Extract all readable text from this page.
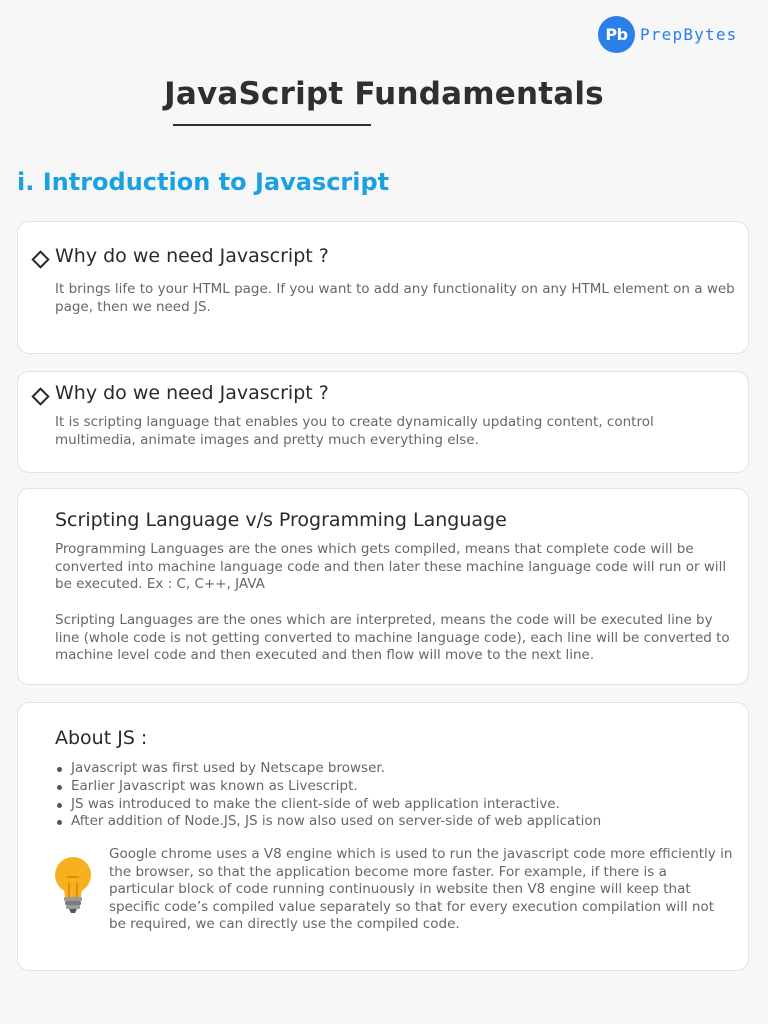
Pb PrepBytes
JavaScript Fundamentals
i. Introduction to Javascript
Why do we need Javascript ?

It brings life to your HTML page. If you want to add any functionality on any HTML element on a web page, then we need JS.

Why do we need Javascript ?

It is scripting language that enables you to create dynamically updating content, control multimedia, animate images and pretty much everything else.

Scripting Language v/s Programming Language

Programming Languages are the ones which gets compiled, means that complete code will be converted into machine language code and then later these machine language code will run or will be executed. Ex : C, C++, JAVA

Scripting Languages are the ones which are interpreted, means the code will be executed line by line (whole code is not getting converted to machine language code), each line will be converted to machine level code and then executed and then flow will move to the next line.

About JS :
Javascript was first used by Netscape browser.
Earlier Javascript was known as Livescript.
JS was introduced to make the client-side of web application interactive.
After addition of Node.JS, JS is now also used on server-side of web application

Google chrome uses a V8 engine which is used to run the javascript code more efficiently in the browser, so that the application become more faster. For example, if there is a particular block of code running continuously in website then V8 engine will keep that specific code’s compiled value separately so that for every execution compilation will not be required, we can directly use the compiled code.
